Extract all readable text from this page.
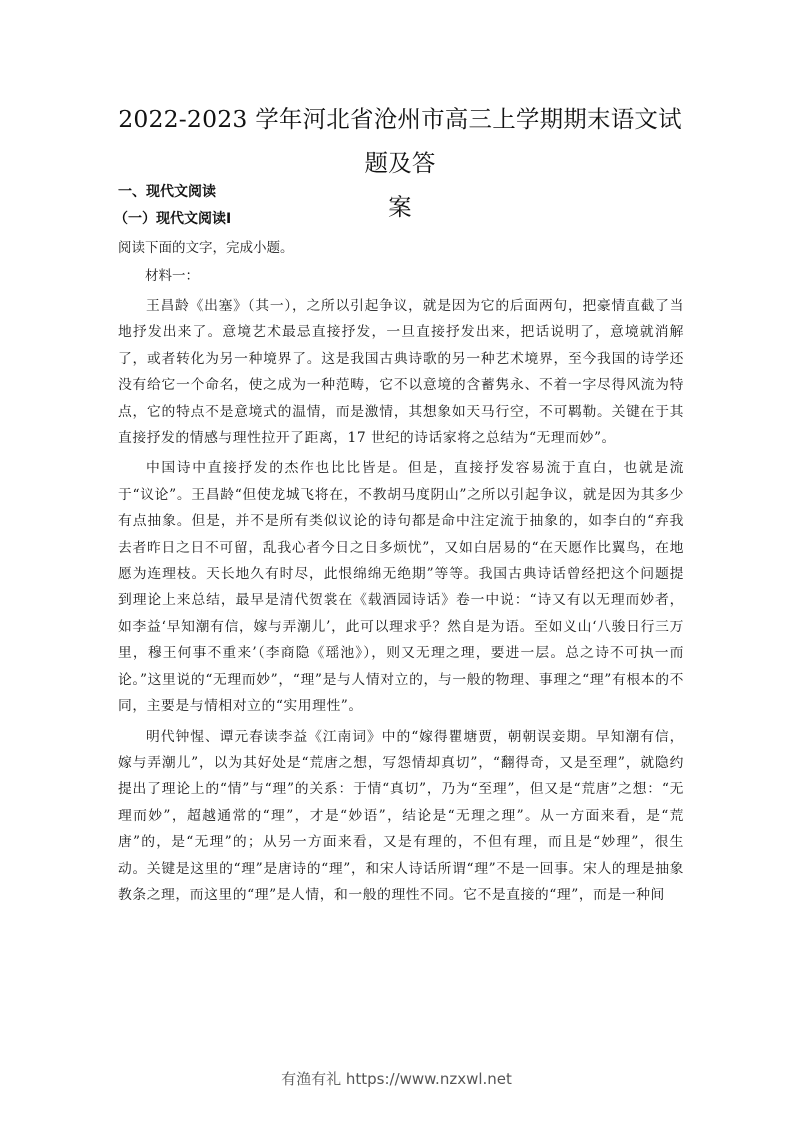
2022-2023 学年河北省沧州市高三上学期期末语文试题及答
案
一、现代文阅读
（一）现代文阅读Ⅰ
阅读下面的文字，完成小题。
材料一：

王昌龄《出塞》（其一），之所以引起争议，就是因为它的后面两句，把豪情直截了当地抒发出来了。意境艺术最忌直接抒发，一旦直接抒发出来，把话说明了，意境就消解了，或者转化为另一种境界了。这是我国古典诗歌的另一种艺术境界，至今我国的诗学还没有给它一个命名，使之成为一种范畴，它不以意境的含蓄隽永、不着一字尽得风流为特点，它的特点不是意境式的温情，而是激情，其想象如天马行空，不可羁勒。关键在于其直接抒发的情感与理性拉开了距离，17 世纪的诗话家将之总结为“无理而妙”。

中国诗中直接抒发的杰作也比比皆是。但是，直接抒发容易流于直白，也就是流于“议论”。王昌龄“但使龙城飞将在，不教胡马度阴山”之所以引起争议，就是因为其多少有点抽象。但是，并不是所有类似议论的诗句都是命中注定流于抽象的，如李白的“弃我去者昨日之日不可留，乱我心者今日之日多烦忧”，又如白居易的“在天愿作比翼鸟，在地愿为连理枝。天长地久有时尽，此恨绵绵无绝期”等等。我国古典诗话曾经把这个问题提到理论上来总结，最早是清代贺裳在《载酒园诗话》卷一中说：“诗又有以无理而妙者，如李益‘早知潮有信，嫁与弄潮儿’，此可以理求乎？然自是为语。至如义山‘八骏日行三万里，穆王何事不重来’（李商隐《瑶池》），则又无理之理，要进一层。总之诗不可执一而论。”这里说的“无理而妙”，“理”是与人情对立的，与一般的物理、事理之“理”有根本的不同，主要是与情相对立的“实用理性”。

明代钟惺、谭元春读李益《江南词》中的“嫁得瞿塘贾，朝朝误妾期。早知潮有信，嫁与弄潮儿”，以为其好处是“荒唐之想，写怨情却真切”，“翻得奇，又是至理”，就隐约提出了理论上的“情”与“理”的关系：于情“真切”，乃为“至理”，但又是“荒唐”之想：“无理而妙”，超越通常的“理”，才是“妙语”，结论是“无理之理”。从一方面来看，是“荒唐”的，是“无理”的；从另一方面来看，又是有理的，不但有理，而且是“妙理”，很生动。关键是这里的“理”是唐诗的“理”，和宋人诗话所谓“理”不是一回事。宋人的理是抽象教条之理，而这里的“理”是人情，和一般的理性不同。它不是直接的“理”，而是一种间

有渔有礼 https://www.nzxwl.net
